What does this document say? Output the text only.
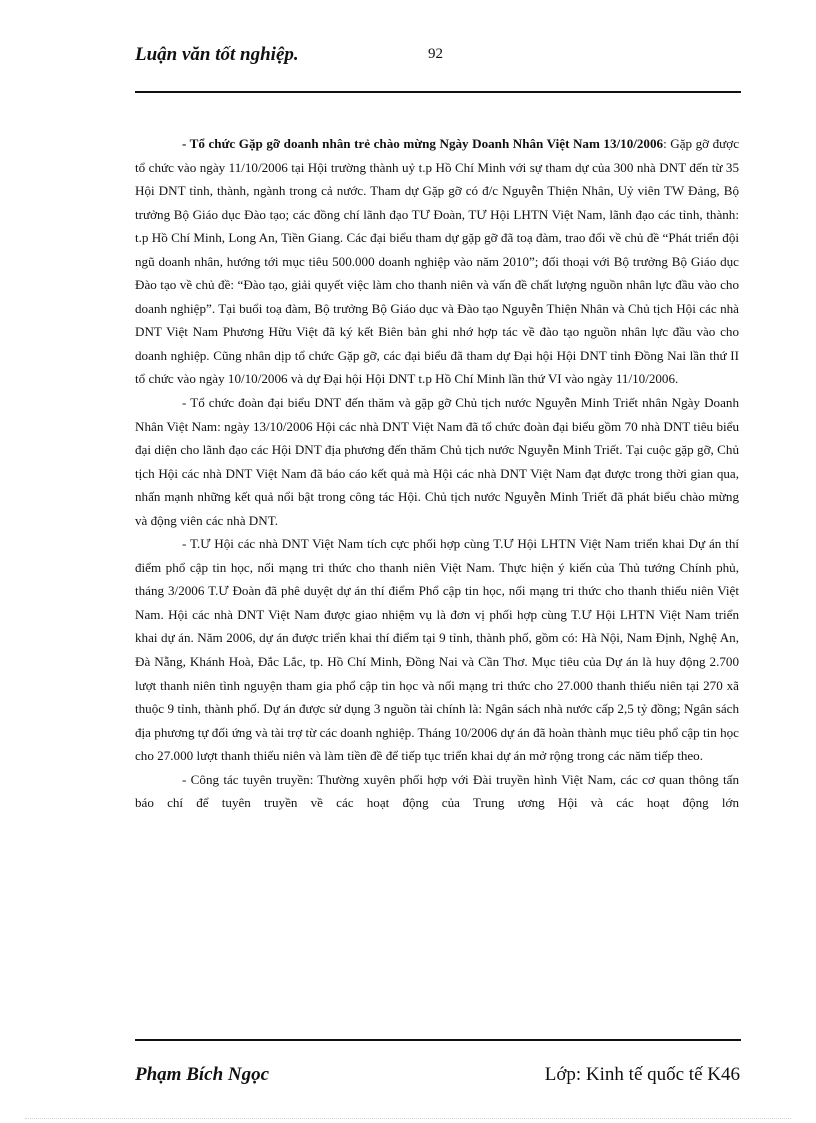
Luận văn tốt nghiệp.	92

- Tổ chức Gặp gỡ doanh nhân trẻ chào mừng Ngày Doanh Nhân Việt Nam 13/10/2006: Gặp gỡ được tổ chức vào ngày 11/10/2006 tại Hội trường thành uỷ t.p Hồ Chí Minh với sự tham dự của 300 nhà DNT đến từ 35 Hội DNT tỉnh, thành, ngành trong cả nước. Tham dự Gặp gỡ có đ/c Nguyễn Thiện Nhân, Uỷ viên TW Đảng, Bộ trưởng Bộ Giáo dục Đào tạo; các đồng chí lãnh đạo TƯ Đoàn, TƯ Hội LHTN Việt Nam, lãnh đạo các tỉnh, thành: t.p Hồ Chí Minh, Long An, Tiền Giang. Các đại biểu tham dự gặp gỡ đã toạ đàm, trao đổi về chủ đề “Phát triển đội ngũ doanh nhân, hướng tới mục tiêu 500.000 doanh nghiệp vào năm 2010”; đối thoại với Bộ trưởng Bộ Giáo dục Đào tạo về chủ đề: “Đào tạo, giải quyết việc làm cho thanh niên và vấn đề chất lượng nguồn nhân lực đầu vào cho doanh nghiệp”. Tại buổi toạ đàm, Bộ trưởng Bộ Giáo dục và Đào tạo Nguyễn Thiện Nhân và Chủ tịch Hội các nhà DNT Việt Nam Phương Hữu Việt đã ký kết Biên bản ghi nhớ hợp tác về đào tạo nguồn nhân lực đầu vào cho doanh nghiệp. Cũng nhân dịp tổ chức Gặp gỡ, các đại biểu đã tham dự Đại hội Hội DNT tỉnh Đồng Nai lần thứ II tổ chức vào ngày 10/10/2006 và dự Đại hội Hội DNT t.p Hồ Chí Minh lần thứ VI vào ngày 11/10/2006.

- Tổ chức đoàn đại biểu DNT đến thăm và gặp gỡ Chủ tịch nước Nguyễn Minh Triết nhân Ngày Doanh Nhân Việt Nam: ngày 13/10/2006 Hội các nhà DNT Việt Nam đã tổ chức đoàn đại biểu gồm 70 nhà DNT tiêu biểu đại diện cho lãnh đạo các Hội DNT địa phương đến thăm Chủ tịch nước Nguyễn Minh Triết. Tại cuộc gặp gỡ, Chủ tịch Hội các nhà DNT Việt Nam đã báo cáo kết quả mà Hội các nhà DNT Việt Nam đạt được trong thời gian qua, nhấn mạnh những kết quả nổi bật trong công tác Hội. Chủ tịch nước Nguyễn Minh Triết đã phát biểu chào mừng và động viên các nhà DNT.

- T.Ư Hội các nhà DNT Việt Nam tích cực phối hợp cùng T.Ư Hội LHTN Việt Nam triển khai Dự án thí điểm phổ cập tin học, nối mạng tri thức cho thanh niên Việt Nam. Thực hiện ý kiến của Thủ tướng Chính phủ, tháng 3/2006 T.Ư Đoàn đã phê duyệt dự án thí điểm Phổ cập tin học, nối mạng tri thức cho thanh thiếu niên Việt Nam. Hội các nhà DNT Việt Nam được giao nhiệm vụ là đơn vị phối hợp cùng T.Ư Hội LHTN Việt Nam triển khai dự án. Năm 2006, dự án được triển khai thí điểm tại 9 tỉnh, thành phố, gồm có: Hà Nội, Nam Định, Nghệ An, Đà Nẵng, Khánh Hoà, Đắc Lắc, tp. Hồ Chí Minh, Đồng Nai và Cần Thơ. Mục tiêu của Dự án là huy động 2.700 lượt thanh niên tình nguyện tham gia phổ cập tin học và nối mạng tri thức cho 27.000 thanh thiếu niên tại 270 xã thuộc 9 tỉnh, thành phố. Dự án được sử dụng 3 nguồn tài chính là: Ngân sách nhà nước cấp 2,5 tỷ đồng; Ngân sách địa phương tự đối ứng và tài trợ từ các doanh nghiệp. Tháng 10/2006 dự án đã hoàn thành mục tiêu phổ cập tin học cho 27.000 lượt thanh thiếu niên và làm tiền đề để tiếp tục triển khai dự án mở rộng trong các năm tiếp theo.

- Công tác tuyên truyền: Thường xuyên phối hợp với Đài truyền hình Việt Nam, các cơ quan thông tấn báo chí để tuyên truyền về các hoạt động của Trung ương Hội và các hoạt động lớn

Phạm Bích Ngọc	Lớp: Kinh tế quốc tế K46
